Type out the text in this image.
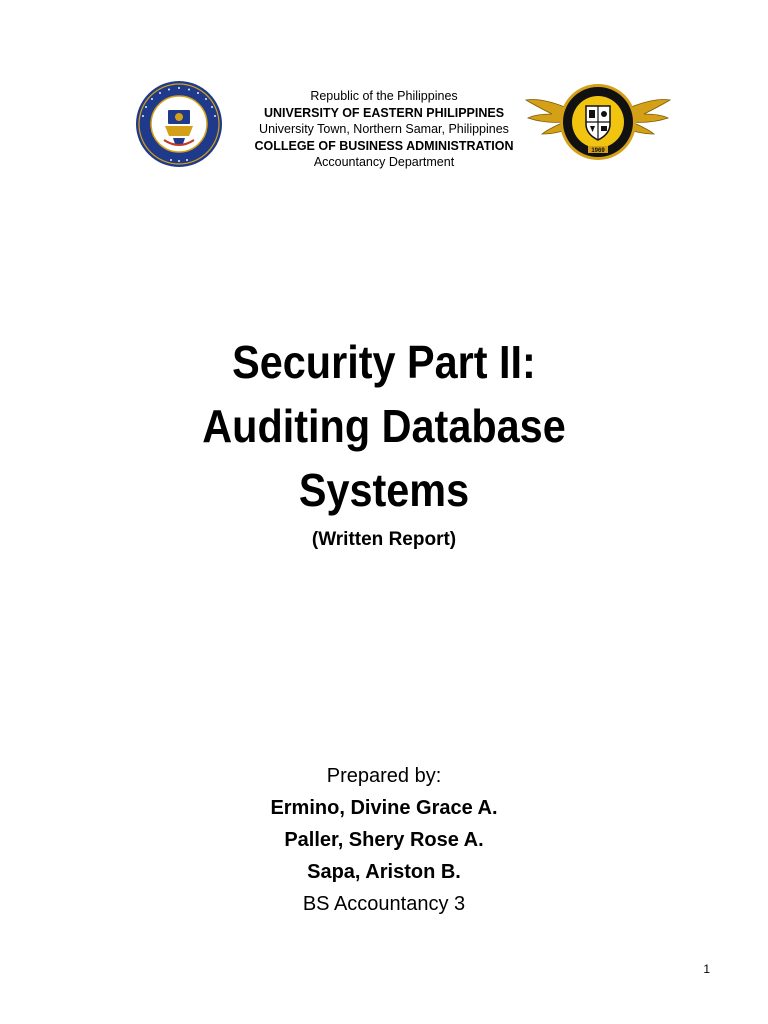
Republic of the Philippines
UNIVERSITY OF EASTERN PHILIPPINES
University Town, Northern Samar, Philippines
COLLEGE OF BUSINESS ADMINISTRATION
Accountancy Department
1969
Security Part II:
Auditing Database
Systems
(Written Report)
Prepared by:
Ermino, Divine Grace A.
Paller, Shery Rose A.
Sapa, Ariston B.
BS Accountancy 3
1
